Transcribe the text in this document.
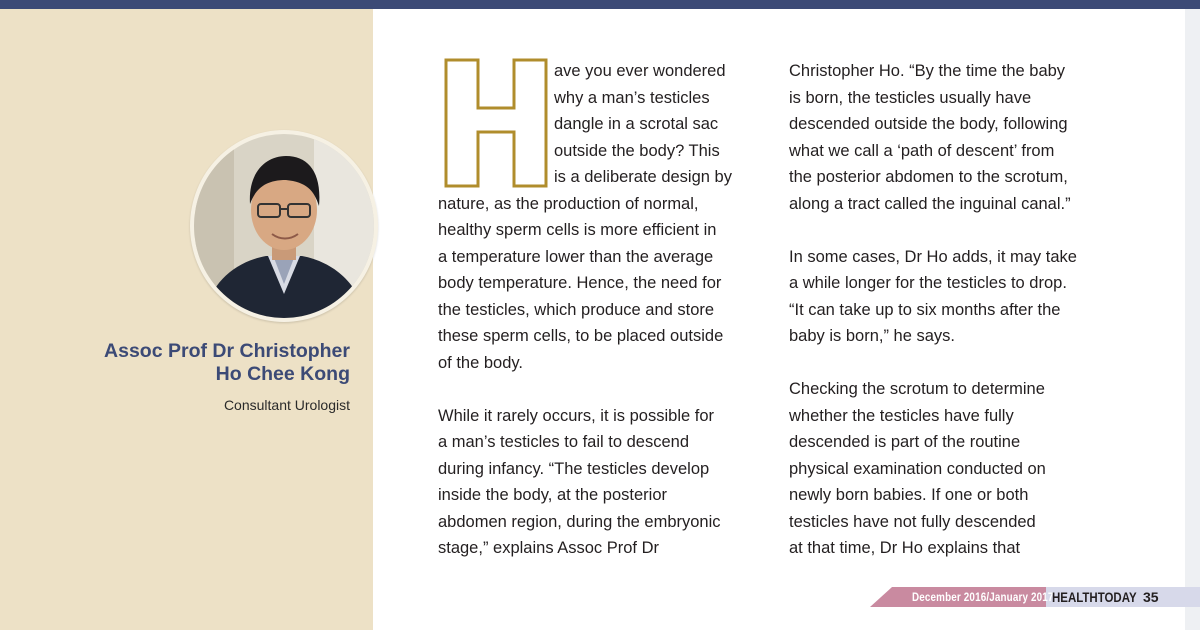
Assoc Prof Dr Christopher
Ho Chee Kong
Consultant Urologist
H
ave you ever wondered
why a man’s testicles
dangle in a scrotal sac
outside the body? This
is a deliberate design by
nature, as the production of normal,
healthy sperm cells is more efficient in
a temperature lower than the average
body temperature. Hence, the need for
the testicles, which produce and store
these sperm cells, to be placed outside
of the body.
While it rarely occurs, it is possible for
a man’s testicles to fail to descend
during infancy. “The testicles develop
inside the body, at the posterior
abdomen region, during the embryonic
stage,” explains Assoc Prof Dr
Christopher Ho. “By the time the baby
is born, the testicles usually have
descended outside the body, following
what we call a ‘path of descent’ from
the posterior abdomen to the scrotum,
along a tract called the inguinal canal.”
In some cases, Dr Ho adds, it may take
a while longer for the testicles to drop.
“It can take up to six months after the
baby is born,” he says.
Checking the scrotum to determine
whether the testicles have fully
descended is part of the routine
physical examination conducted on
newly born babies. If one or both
testicles have not fully descended
at that time, Dr Ho explains that
December 2016/January 2017
HEALTHTODAY 35
